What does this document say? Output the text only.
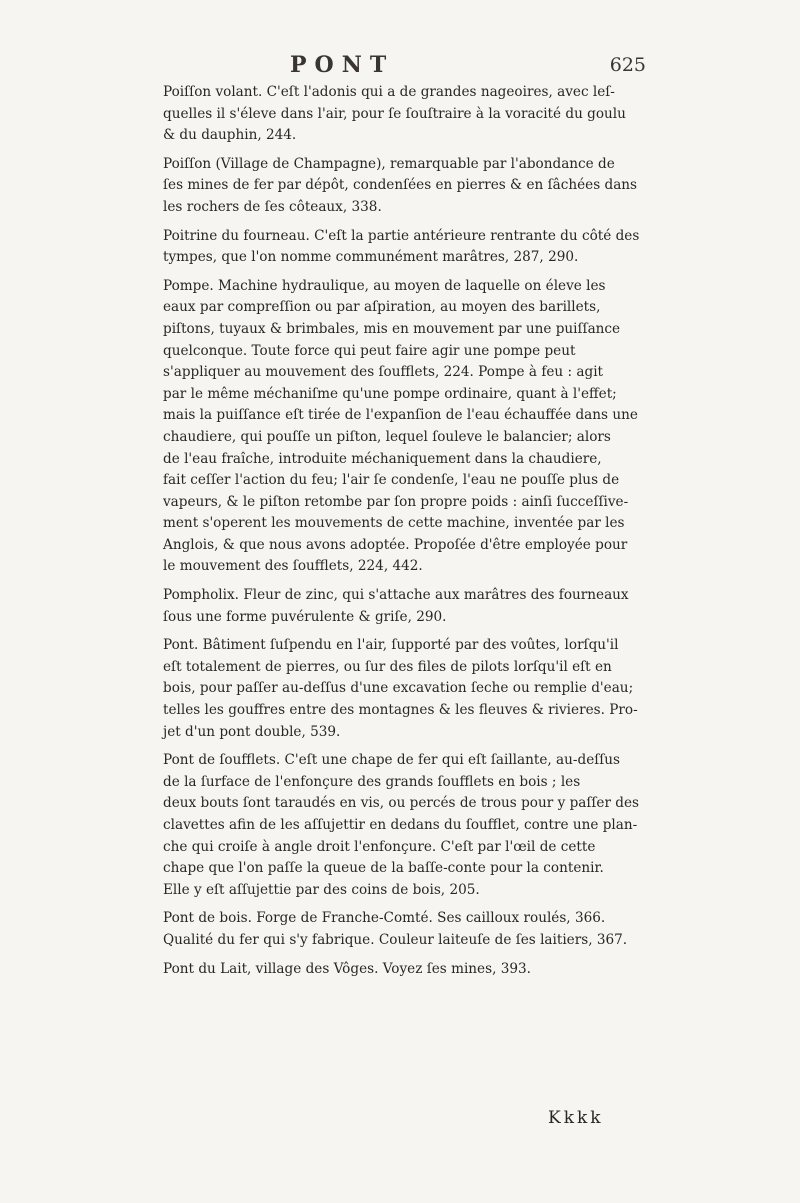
PONT	625
Poiſſon volant. C'eſt l'adonis qui a de grandes nageoires, avec leſ-
quelles il s'éleve dans l'air, pour ſe ſouſtraire à la voracité du goulu
& du dauphin, 244.
Poiſſon (Village de Champagne), remarquable par l'abondance de
ſes mines de fer par dépôt, condenſées en pierres & en ſâchées dans
les rochers de ſes côteaux, 338.
Poitrine du fourneau. C'eſt la partie antérieure rentrante du côté des
tympes, que l'on nomme communément marâtres, 287, 290.
Pompe. Machine hydraulique, au moyen de laquelle on éleve les
eaux par compreſſion ou par aſpiration, au moyen des barillets,
piſtons, tuyaux & brimbales, mis en mouvement par une puiſſance
quelconque. Toute force qui peut faire agir une pompe peut
s'appliquer au mouvement des ſoufflets, 224. Pompe à feu : agit
par le même méchaniſme qu'une pompe ordinaire, quant à l'effet;
mais la puiſſance eſt tirée de l'expanſion de l'eau échauffée dans une
chaudiere, qui pouſſe un piſton, lequel ſouleve le balancier; alors
de l'eau fraîche, introduite méchaniquement dans la chaudiere,
fait ceſſer l'action du feu; l'air ſe condenſe, l'eau ne pouſſe plus de
vapeurs, & le piſton retombe par ſon propre poids : ainſi ſucceſſive-
ment s'operent les mouvements de cette machine, inventée par les
Anglois, & que nous avons adoptée. Propoſée d'être employée pour
le mouvement des ſoufflets, 224, 442.
Pompholix. Fleur de zinc, qui s'attache aux marâtres des fourneaux
ſous une forme puvérulente & griſe, 290.
Pont. Bâtiment ſuſpendu en l'air, ſupporté par des voûtes, lorſqu'il
eſt totalement de pierres, ou ſur des files de pilots lorſqu'il eſt en
bois, pour paſſer au-deſſus d'une excavation ſeche ou remplie d'eau;
telles les gouffres entre des montagnes & les fleuves & rivieres. Pro-
jet d'un pont double, 539.
Pont de ſoufflets. C'eſt une chape de fer qui eſt ſaillante, au-deſſus
de la ſurface de l'enfonçure des grands ſoufflets en bois ; les
deux bouts ſont taraudés en vis, ou percés de trous pour y paſſer des
clavettes afin de les aſſujettir en dedans du ſoufflet, contre une plan-
che qui croiſe à angle droit l'enfonçure. C'eſt par l'œil de cette
chape que l'on paſſe la queue de la baſſe-conte pour la contenir.
Elle y eſt aſſujettie par des coins de bois, 205.
Pont de bois. Forge de Franche-Comté. Ses cailloux roulés, 366.
Qualité du fer qui s'y fabrique. Couleur laiteuſe de ſes laitiers, 367.
Pont du Lait, village des Vôges. Voyez ſes mines, 393.
Kkkk
